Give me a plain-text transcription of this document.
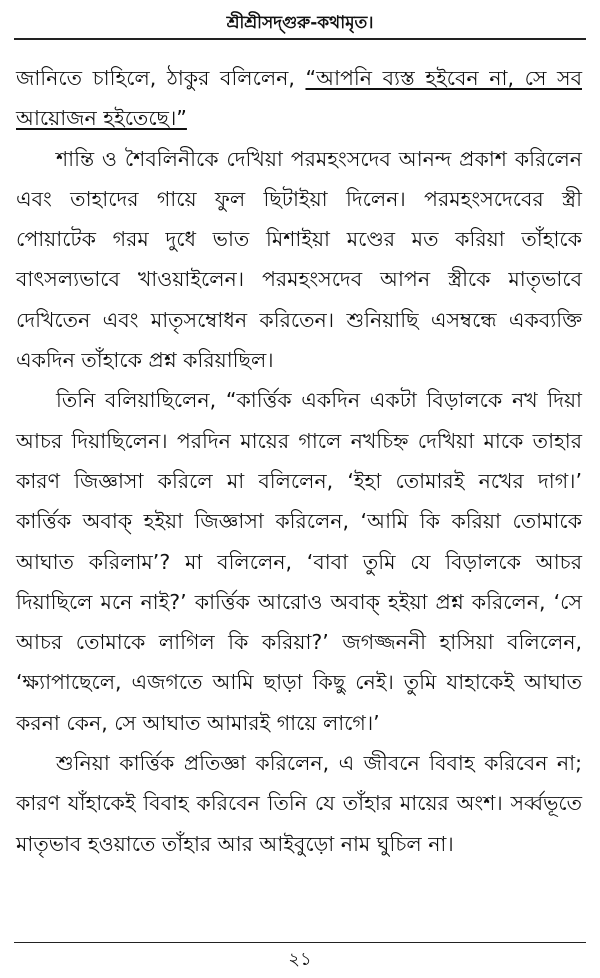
শ্রীশ্রীসদ্‌গুরু-কথামৃত।

জানিতে চাহিলে, ঠাকুর বলিলেন, “আপনি ব্যস্ত হইবেন না, সে সব আয়োজন হইতেছে।”

শান্তি ও শৈবলিনীকে দেখিয়া পরমহংসদেব আনন্দ প্রকাশ করিলেন এবং তাহাদের গায়ে ফুল ছিটাইয়া দিলেন। পরমহংসদেবের স্ত্রী পোয়াটেক গরম দুধে ভাত মিশাইয়া মণ্ডের মত করিয়া তাঁহাকে বাৎসল্যভাবে খাওয়াইলেন। পরমহংসদেব আপন স্ত্রীকে মাতৃভাবে দেখিতেন এবং মাতৃসম্বোধন করিতেন। শুনিয়াছি এসম্বন্ধে একব্যক্তি একদিন তাঁহাকে প্রশ্ন করিয়াছিল।

তিনি বলিয়াছিলেন, “কার্ত্তিক একদিন একটা বিড়ালকে নখ দিয়া আচর দিয়াছিলেন। পরদিন মায়ের গালে নখচিহ্ন দেখিয়া মাকে তাহার কারণ জিজ্ঞাসা করিলে মা বলিলেন, ‘ইহা তোমারই নখের দাগ।’ কার্ত্তিক অবাক্ হইয়া জিজ্ঞাসা করিলেন, ‘আমি কি করিয়া তোমাকে আঘাত করিলাম’? মা বলিলেন, ‘বাবা তুমি যে বিড়ালকে আচর দিয়াছিলে মনে নাই?’ কার্ত্তিক আরোও অবাক্ হইয়া প্রশ্ন করিলেন, ‘সে আচর তোমাকে লাগিল কি করিয়া?’ জগজ্জননী হাসিয়া বলিলেন, ‘ক্ষ্যাপাছেলে, এজগতে আমি ছাড়া কিছু নেই। তুমি যাহাকেই আঘাত করনা কেন, সে আঘাত আমারই গায়ে লাগে।’

শুনিয়া কার্ত্তিক প্রতিজ্ঞা করিলেন, এ জীবনে বিবাহ করিবেন না; কারণ যাঁহাকেই বিবাহ করিবেন তিনি যে তাঁহার মায়ের অংশ। সর্ব্বভূতে মাতৃভাব হওয়াতে তাঁহার আর আইবুড়ো নাম ঘুচিল না।

২১
